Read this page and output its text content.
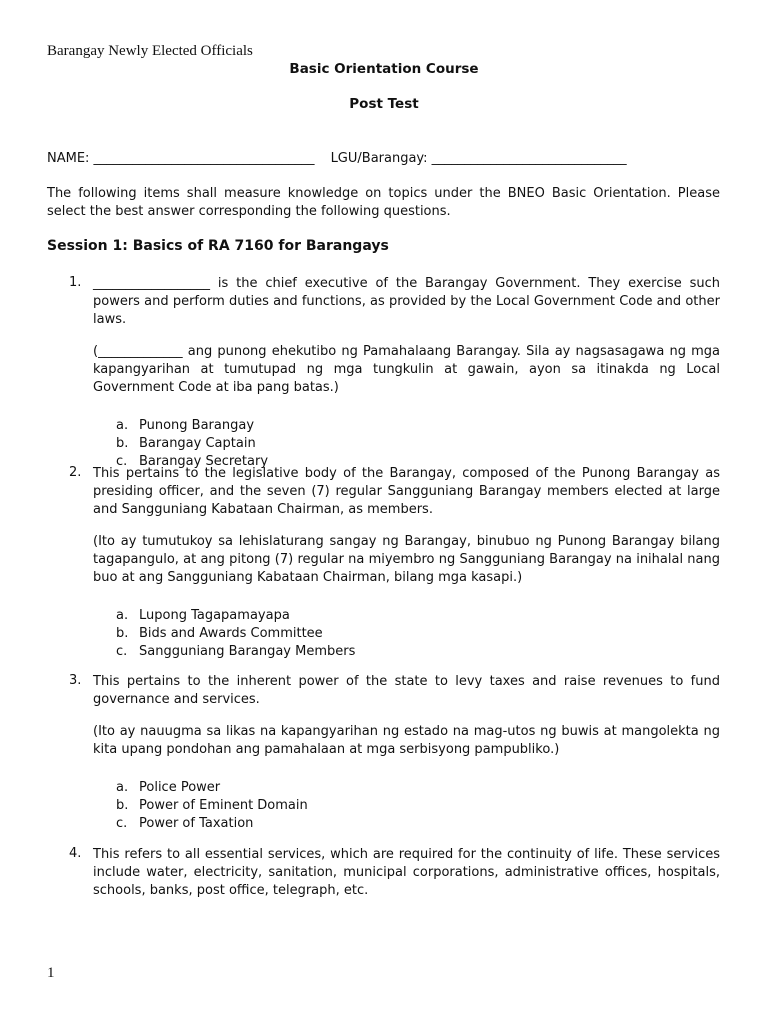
Barangay Newly Elected Officials
Basic Orientation Course
Post Test
NAME: __________________________________ LGU/Barangay: ______________________________
The following items shall measure knowledge on topics under the BNEO Basic Orientation. Please select the best answer corresponding the following questions.
Session 1: Basics of RA 7160 for Barangays
1. __________________ is the chief executive of the Barangay Government. They exercise such powers and perform duties and functions, as provided by the Local Government Code and other laws.
(_____________ ang punong ehekutibo ng Pamahalaang Barangay. Sila ay nagsasagawa ng mga kapangyarihan at tumutupad ng mga tungkulin at gawain, ayon sa itinakda ng Local Government Code at iba pang batas.)
a. Punong Barangay
b. Barangay Captain
c. Barangay Secretary
2. This pertains to the legislative body of the Barangay, composed of the Punong Barangay as presiding officer, and the seven (7) regular Sangguniang Barangay members elected at large and Sangguniang Kabataan Chairman, as members.
(Ito ay tumutukoy sa lehislaturang sangay ng Barangay, binubuo ng Punong Barangay bilang tagapangulo, at ang pitong (7) regular na miyembro ng Sangguniang Barangay na inihalal nang buo at ang Sangguniang Kabataan Chairman, bilang mga kasapi.)
a. Lupong Tagapamayapa
b. Bids and Awards Committee
c. Sangguniang Barangay Members
3. This pertains to the inherent power of the state to levy taxes and raise revenues to fund governance and services.
(Ito ay nauugma sa likas na kapangyarihan ng estado na mag-utos ng buwis at mangolekta ng kita upang pondohan ang pamahalaan at mga serbisyong pampubliko.)
a. Police Power
b. Power of Eminent Domain
c. Power of Taxation
4. This refers to all essential services, which are required for the continuity of life. These services include water, electricity, sanitation, municipal corporations, administrative offices, hospitals, schools, banks, post office, telegraph, etc.
1
